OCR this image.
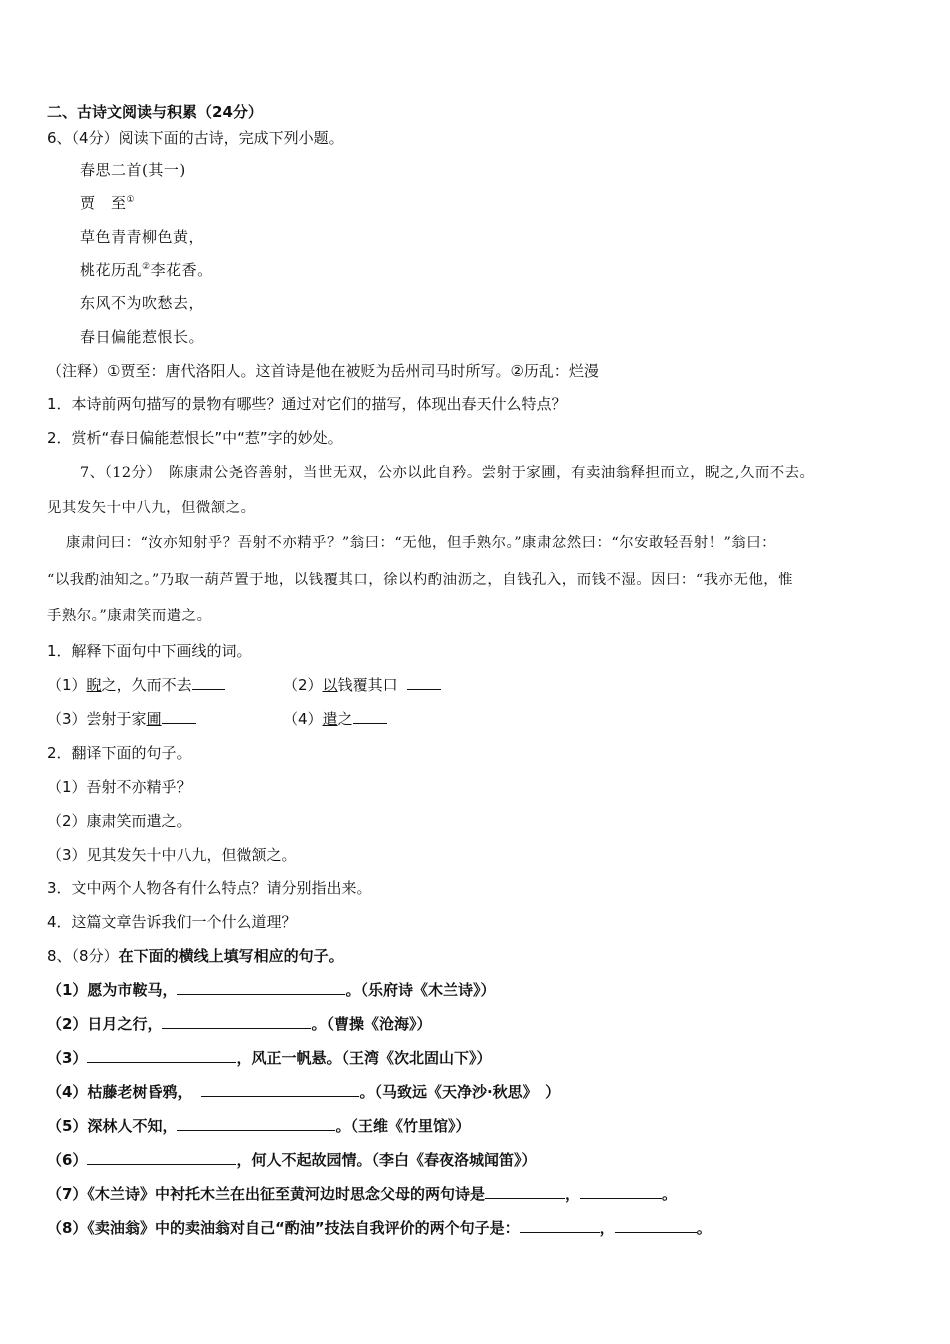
二、古诗文阅读与积累（24分）
6、（4分）阅读下面的古诗，完成下列小题。
春思二首(其一)
贾　至①
草色青青柳色黄，
桃花历乱②李花香。
东风不为吹愁去，
春日偏能惹恨长。
（注释）①贾至：唐代洛阳人。这首诗是他在被贬为岳州司马时所写。②历乱：烂漫
1．本诗前两句描写的景物有哪些？通过对它们的描写，体现出春天什么特点？
2．赏析“春日偏能惹恨长”中“惹”字的妙处。
7、（12分）　陈康肃公尧咨善射，当世无双，公亦以此自矜。尝射于家圃，有卖油翁释担而立，睨之,久而不去。
见其发矢十中八九，但微颔之。
康肃问曰：“汝亦知射乎？吾射不亦精乎？”翁曰：“无他，但手熟尔。”康肃忿然曰：“尔安敢轻吾射！”翁曰：
“以我酌油知之。”乃取一葫芦置于地，以钱覆其口，徐以杓酌油沥之，自钱孔入，而钱不湿。因曰：“我亦无他，惟
手熟尔。”康肃笑而遣之。
1．解释下面句中下画线的词。
（1）睨之，久而不去	（2）以钱覆其口
（3）尝射于家圃	（4）遣之
2．翻译下面的句子。
（1）吾射不亦精乎？
（2）康肃笑而遣之。
（3）见其发矢十中八九，但微颔之。
3．文中两个人物各有什么特点？请分别指出来。
4．这篇文章告诉我们一个什么道理？
8、（8分）在下面的横线上填写相应的句子。
（1）愿为市鞍马，	。（乐府诗《木兰诗》）
（2）日月之行，	。（曹操《沧海》）
（3）	，风正一帆悬。（王湾《次北固山下》）
（4）枯藤老树昏鸦，	。（马致远《天净沙·秋思》　）
（5）深林人不知，	。（王维《竹里馆》）
（6）	，何人不起故园情。（李白《春夜洛城闻笛》）
（7）《木兰诗》中衬托木兰在出征至黄河边时思念父母的两句诗是	，	。
（8）《卖油翁》中的卖油翁对自己“酌油”技法自我评价的两个句子是：	，	。
